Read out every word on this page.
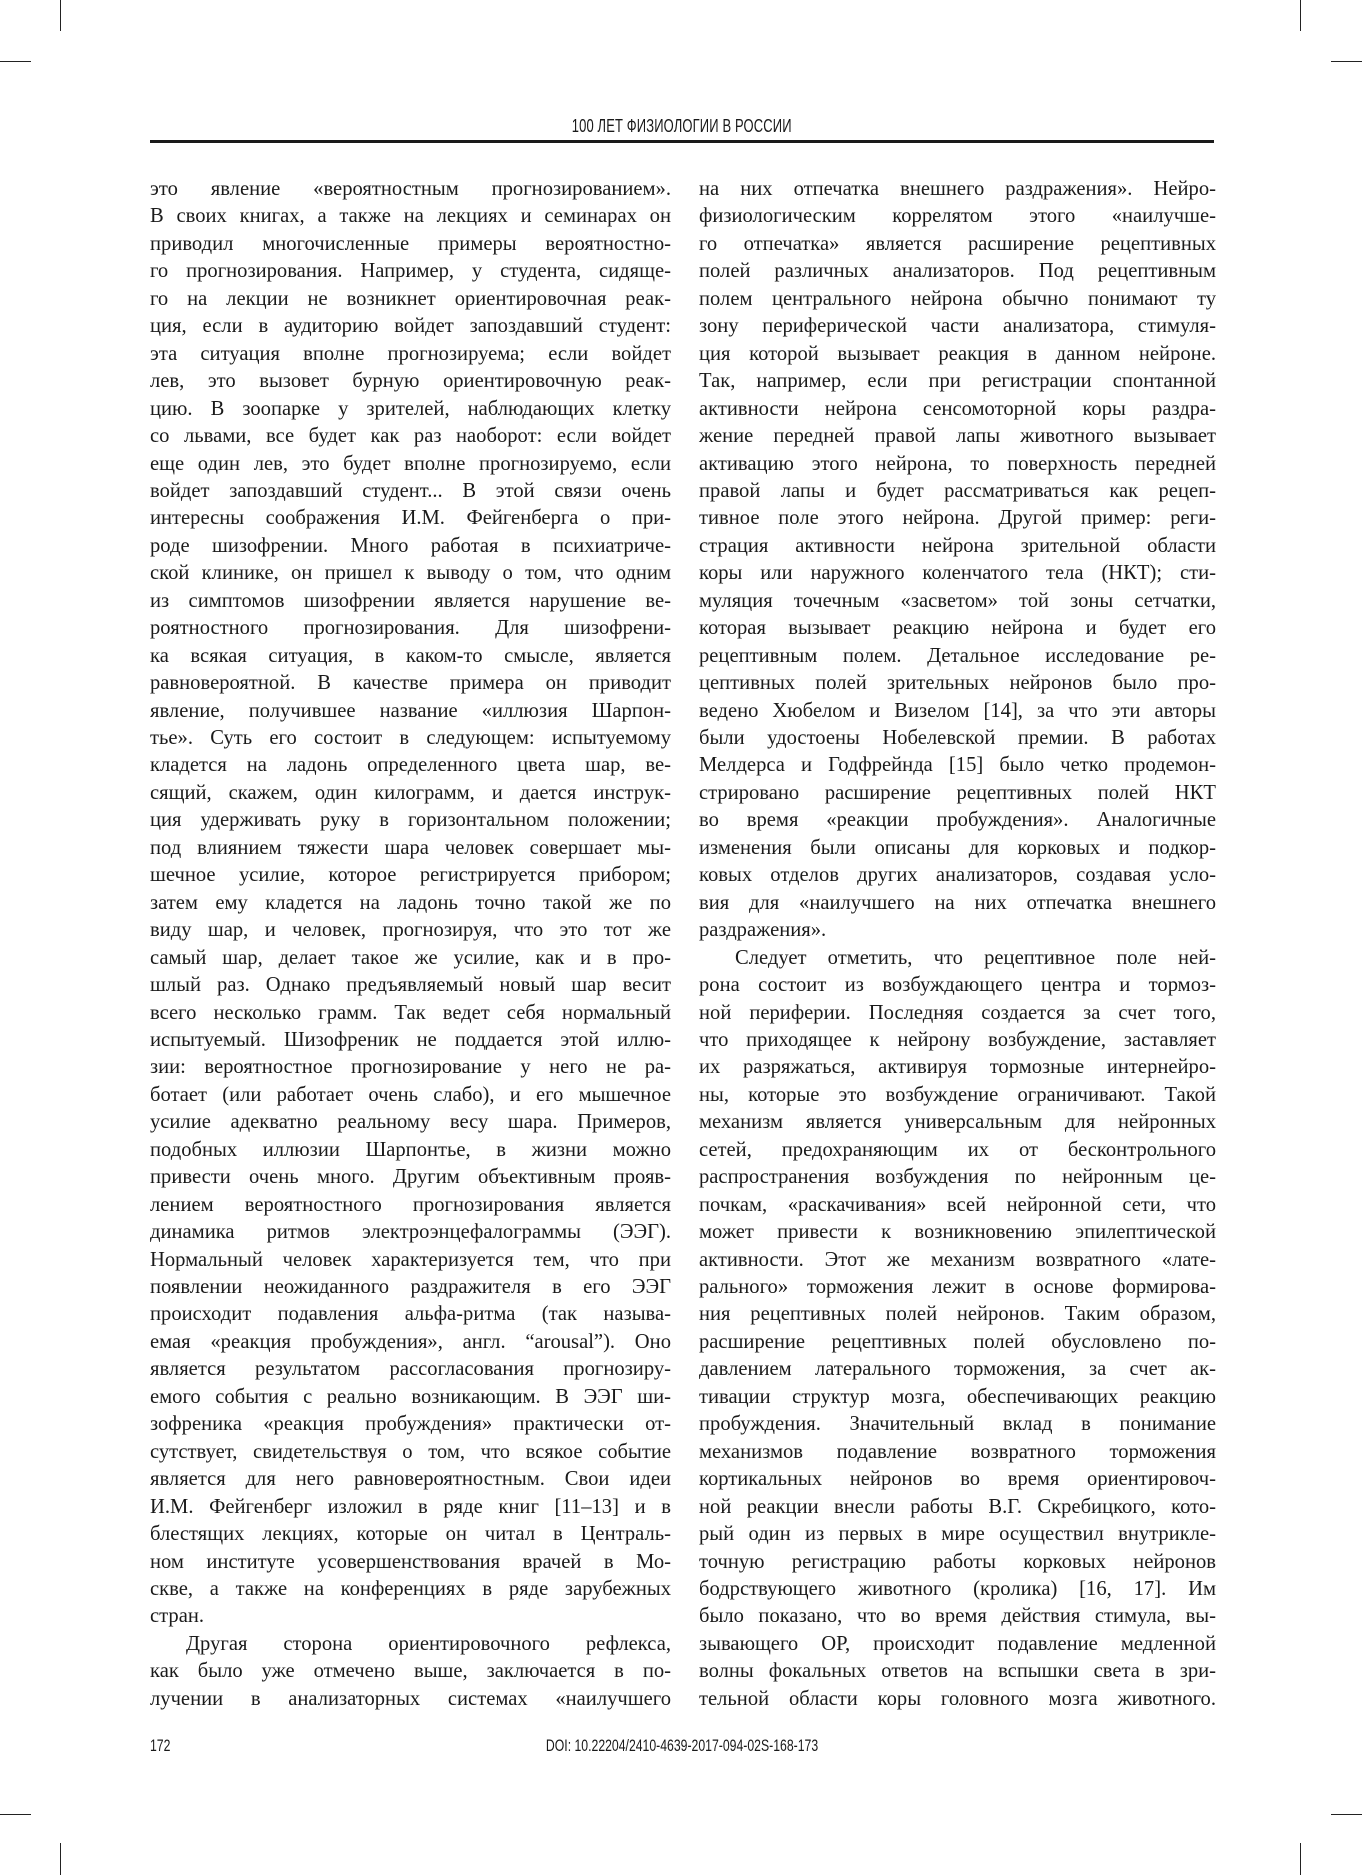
100 ЛЕТ ФИЗИОЛОГИИ В РОССИИ
это явление «вероятностным прогнозированием».
В своих книгах, а также на лекциях и семинарах он
приводил многочисленные примеры вероятностно-
го прогнозирования. Например, у студента, сидяще-
го на лекции не возникнет ориентировочная реак-
ция, если в аудиторию войдет запоздавший студент:
эта ситуация вполне прогнозируема; если войдет
лев, это вызовет бурную ориентировочную реак-
цию. В зоопарке у зрителей, наблюдающих клетку
со львами, все будет как раз наоборот: если войдет
еще один лев, это будет вполне прогнозируемо, если
войдет запоздавший студент... В этой связи очень
интересны соображения И.М. Фейгенберга о при-
роде шизофрении. Много работая в психиатриче-
ской клинике, он пришел к выводу о том, что одним
из симптомов шизофрении является нарушение ве-
роятностного прогнозирования. Для шизофрени-
ка всякая ситуация, в каком-то смысле, является
равновероятной. В качестве примера он приводит
явление, получившее название «иллюзия Шарпон-
тье». Суть его состоит в следующем: испытуемому
кладется на ладонь определенного цвета шар, ве-
сящий, скажем, один килограмм, и дается инструк-
ция удерживать руку в горизонтальном положении;
под влиянием тяжести шара человек совершает мы-
шечное усилие, которое регистрируется прибором;
затем ему кладется на ладонь точно такой же по
виду шар, и человек, прогнозируя, что это тот же
самый шар, делает такое же усилие, как и в про-
шлый раз. Однако предъявляемый новый шар весит
всего несколько грамм. Так ведет себя нормальный
испытуемый. Шизофреник не поддается этой иллю-
зии: вероятностное прогнозирование у него не ра-
ботает (или работает очень слабо), и его мышечное
усилие адекватно реальному весу шара. Примеров,
подобных иллюзии Шарпонтье, в жизни можно
привести очень много. Другим объективным прояв-
лением вероятностного прогнозирования является
динамика ритмов электроэнцефалограммы (ЭЭГ).
Нормальный человек характеризуется тем, что при
появлении неожиданного раздражителя в его ЭЭГ
происходит подавления альфа-ритма (так называ-
емая «реакция пробуждения», англ. “arousal”). Оно
является результатом рассогласования прогнозиру-
емого события с реально возникающим. В ЭЭГ ши-
зофреника «реакция пробуждения» практически от-
сутствует, свидетельствуя о том, что всякое событие
является для него равновероятностным. Свои идеи
И.М. Фейгенберг изложил в ряде книг [11–13] и в
блестящих лекциях, которые он читал в Централь-
ном институте усовершенствования врачей в Мо-
скве, а также на конференциях в ряде зарубежных
стран.
Другая сторона ориентировочного рефлекса,
как было уже отмечено выше, заключается в по-
лучении в анализаторных системах «наилучшего
на них отпечатка внешнего раздражения». Нейро-
физиологическим коррелятом этого «наилучше-
го отпечатка» является расширение рецептивных
полей различных анализаторов. Под рецептивным
полем центрального нейрона обычно понимают ту
зону периферической части анализатора, стимуля-
ция которой вызывает реакция в данном нейроне.
Так, например, если при регистрации спонтанной
активности нейрона сенсомоторной коры раздра-
жение передней правой лапы животного вызывает
активацию этого нейрона, то поверхность передней
правой лапы и будет рассматриваться как рецеп-
тивное поле этого нейрона. Другой пример: реги-
страция активности нейрона зрительной области
коры или наружного коленчатого тела (НКТ); сти-
муляция точечным «засветом» той зоны сетчатки,
которая вызывает реакцию нейрона и будет его
рецептивным полем. Детальное исследование ре-
цептивных полей зрительных нейронов было про-
ведено Хюбелом и Визелом [14], за что эти авторы
были удостоены Нобелевской премии. В работах
Мелдерса и Годфрейнда [15] было четко продемон-
стрировано расширение рецептивных полей НКТ
во время «реакции пробуждения». Аналогичные
изменения были описаны для корковых и подкор-
ковых отделов других анализаторов, создавая усло-
вия для «наилучшего на них отпечатка внешнего
раздражения».
Следует отметить, что рецептивное поле ней-
рона состоит из возбуждающего центра и тормоз-
ной периферии. Последняя создается за счет того,
что приходящее к нейрону возбуждение, заставляет
их разряжаться, активируя тормозные интернейро-
ны, которые это возбуждение ограничивают. Такой
механизм является универсальным для нейронных
сетей, предохраняющим их от бесконтрольного
распространения возбуждения по нейронным це-
почкам, «раскачивания» всей нейронной сети, что
может привести к возникновению эпилептической
активности. Этот же механизм возвратного «лате-
рального» торможения лежит в основе формирова-
ния рецептивных полей нейронов. Таким образом,
расширение рецептивных полей обусловлено по-
давлением латерального торможения, за счет ак-
тивации структур мозга, обеспечивающих реакцию
пробуждения. Значительный вклад в понимание
механизмов подавление возвратного торможения
кортикальных нейронов во время ориентировоч-
ной реакции внесли работы В.Г. Скребицкого, кото-
рый один из первых в мире осуществил внутрикле-
точную регистрацию работы корковых нейронов
бодрствующего животного (кролика) [16, 17]. Им
было показано, что во время действия стимула, вы-
зывающего ОР, происходит подавление медленной
волны фокальных ответов на вспышки света в зри-
тельной области коры головного мозга животного.
172	DOI: 10.22204/2410-4639-2017-094-02S-168-173
